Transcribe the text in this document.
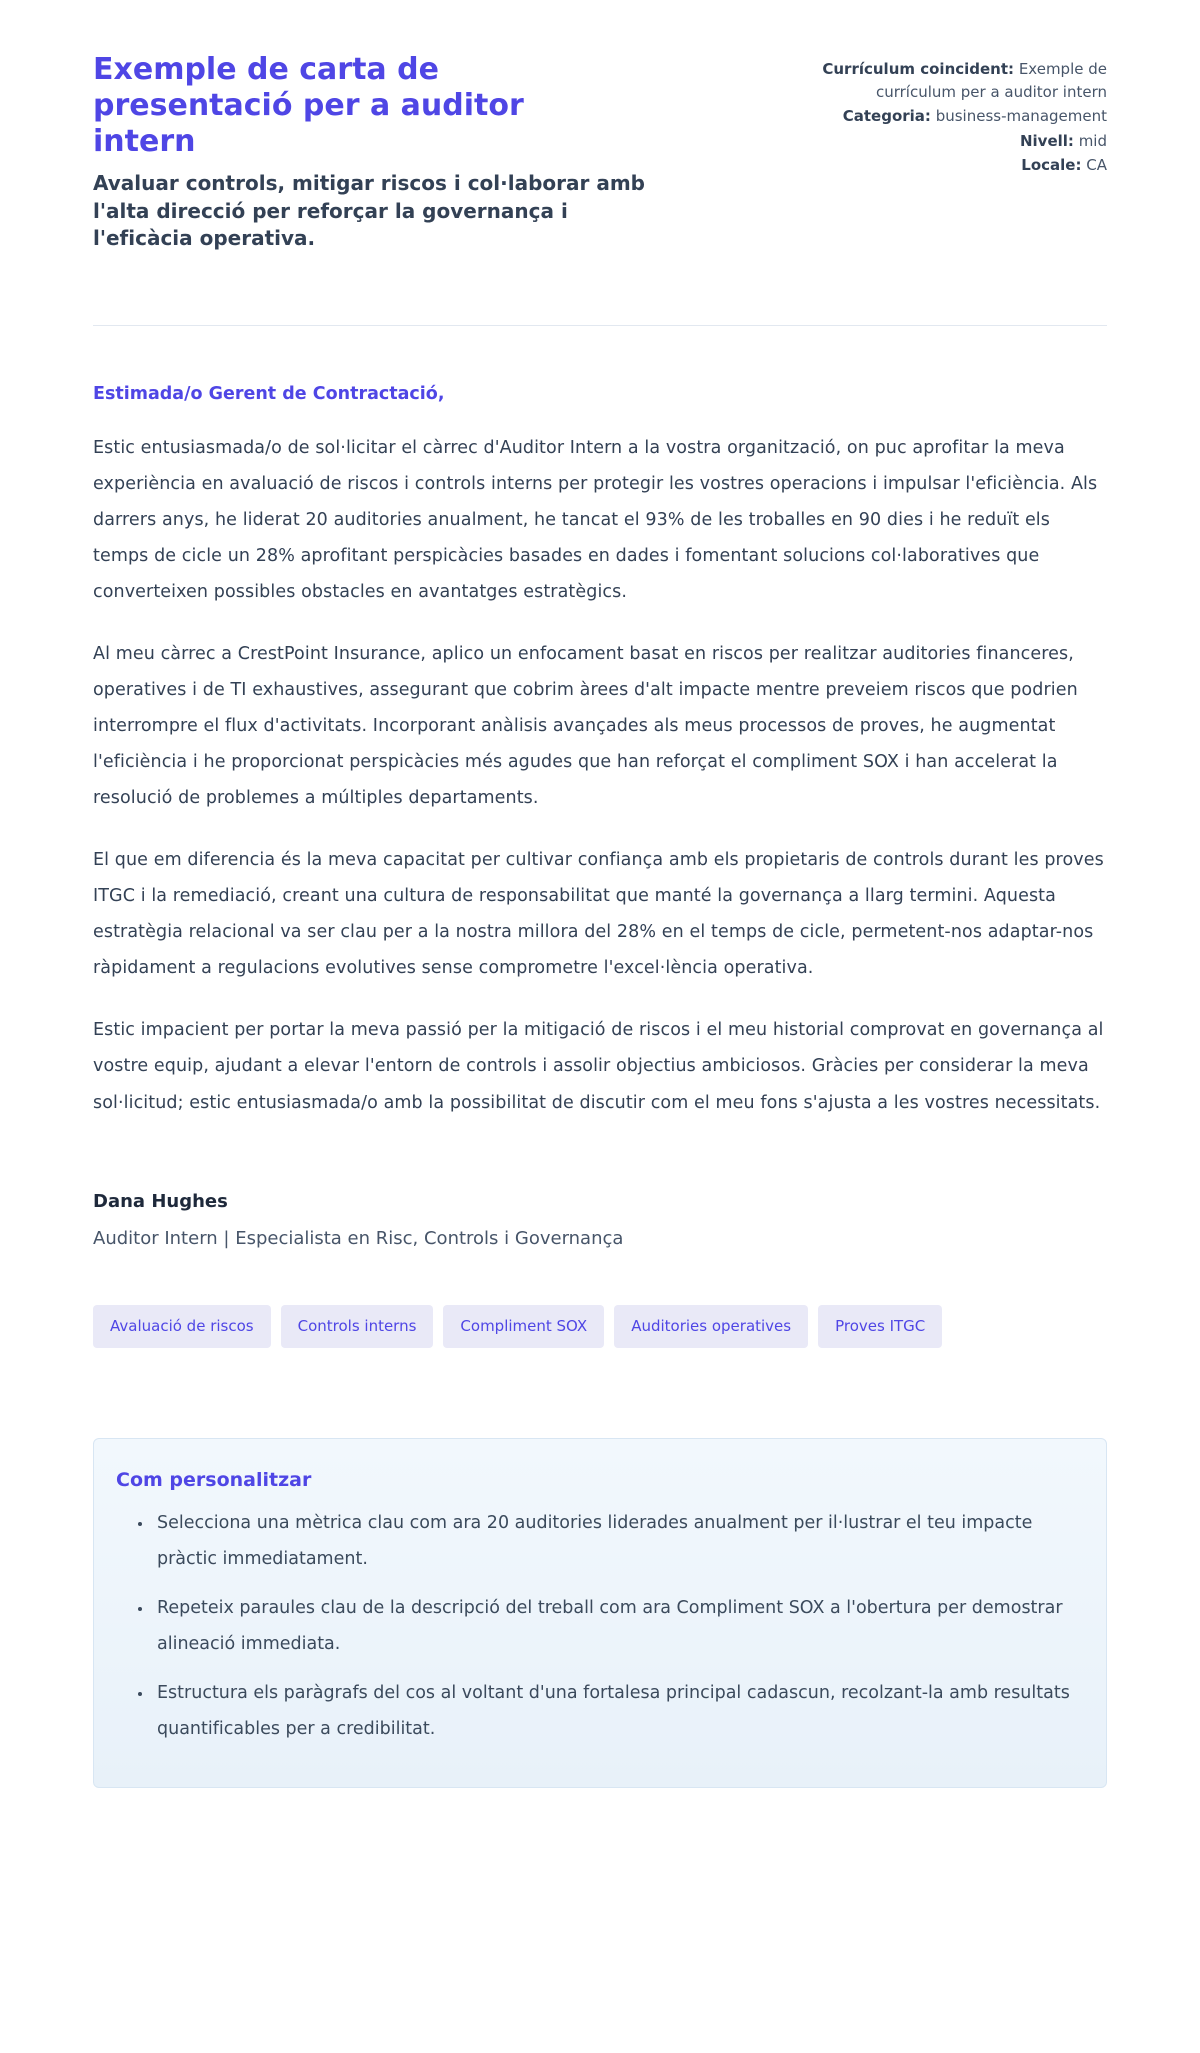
Exemple de carta de presentació per a auditor intern

Avaluar controls, mitigar riscos i col·laborar amb l'alta direcció per reforçar la governança i l'eficàcia operativa.

Currículum coincident: Exemple de currículum per a auditor intern
Categoria: business-management
Nivell: mid
Locale: CA

Estimada/o Gerent de Contractació,

Estic entusiasmada/o de sol·licitar el càrrec d'Auditor Intern a la vostra organització, on puc aprofitar la meva experiència en avaluació de riscos i controls interns per protegir les vostres operacions i impulsar l'eficiència. Als darrers anys, he liderat 20 auditories anualment, he tancat el 93% de les troballes en 90 dies i he reduït els temps de cicle un 28% aprofitant perspicàcies basades en dades i fomentant solucions col·laboratives que converteixen possibles obstacles en avantatges estratègics.

Al meu càrrec a CrestPoint Insurance, aplico un enfocament basat en riscos per realitzar auditories financeres, operatives i de TI exhaustives, assegurant que cobrim àrees d'alt impacte mentre preveiem riscos que podrien interrompre el flux d'activitats. Incorporant anàlisis avançades als meus processos de proves, he augmentat l'eficiència i he proporcionat perspicàcies més agudes que han reforçat el compliment SOX i han accelerat la resolució de problemes a múltiples departaments.

El que em diferencia és la meva capacitat per cultivar confiança amb els propietaris de controls durant les proves ITGC i la remediació, creant una cultura de responsabilitat que manté la governança a llarg termini. Aquesta estratègia relacional va ser clau per a la nostra millora del 28% en el temps de cicle, permetent-nos adaptar-nos ràpidament a regulacions evolutives sense comprometre l'excel·lència operativa.

Estic impacient per portar la meva passió per la mitigació de riscos i el meu historial comprovat en governança al vostre equip, ajudant a elevar l'entorn de controls i assolir objectius ambiciosos. Gràcies per considerar la meva sol·licitud; estic entusiasmada/o amb la possibilitat de discutir com el meu fons s'ajusta a les vostres necessitats.

Dana Hughes

Auditor Intern | Especialista en Risc, Controls i Governança

Avaluació de riscos	Controls interns	Compliment SOX	Auditories operatives	Proves ITGC
Com personalitzar
• Selecciona una mètrica clau com ara 20 auditories liderades anualment per il·lustrar el teu impacte pràctic immediatament.
• Repeteix paraules clau de la descripció del treball com ara Compliment SOX a l'obertura per demostrar alineació immediata.
• Estructura els paràgrafs del cos al voltant d'una fortalesa principal cadascun, recolzant-la amb resultats quantificables per a credibilitat.
